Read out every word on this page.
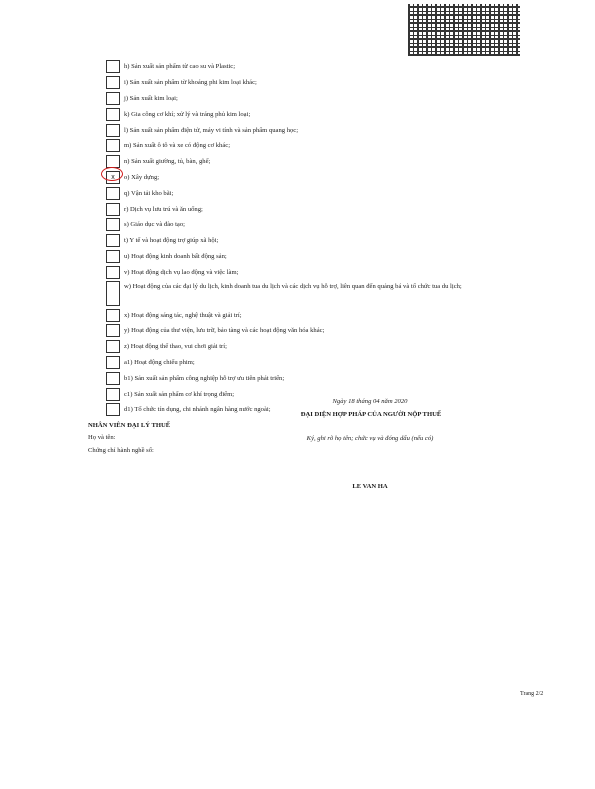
h) Sản xuất sản phẩm từ cao su và Plastic;
i) Sản xuất sản phẩm từ khoáng phi kim loại khác;
j) Sản xuất kim loại;
k) Gia công cơ khí; xử lý và tráng phủ kim loại;
l) Sản xuất sản phẩm điện tử, máy vi tính và sản phẩm quang học;
m) Sản xuất ô tô và xe có động cơ khác;
n) Sản xuất giường, tủ, bàn, ghế;
x	o) Xây dựng;
q) Vận tải kho bãi;
r) Dịch vụ lưu trú và ăn uống;
s) Giáo dục và đào tạo;
t) Y tế và hoạt động trợ giúp xã hội;
u) Hoạt động kinh doanh bất động sản;
v) Hoạt động dịch vụ lao động và việc làm;
w) Hoạt động của các đại lý du lịch, kinh doanh tua du lịch và các dịch vụ hỗ trợ, liên quan đến quảng bá và tổ chức tua du lịch;
x) Hoạt động sáng tác, nghệ thuật và giải trí;
y) Hoạt động của thư viện, lưu trữ, bảo tàng và các hoạt động văn hóa khác;
z) Hoạt động thể thao, vui chơi giải trí;
a1) Hoạt động chiếu phim;
b1) Sản xuất sản phẩm công nghiệp hỗ trợ ưu tiên phát triển;
c1) Sản xuất sản phẩm cơ khí trọng điểm;
d1) Tổ chức tín dụng, chi nhánh ngân hàng nước ngoài;
Ngày 18 tháng 04 năm 2020
NHÂN VIÊN ĐẠI LÝ THUẾ
Họ và tên:
Chứng chỉ hành nghề số:
ĐẠI DIỆN HỢP PHÁP CỦA NGƯỜI NỘP THUẾ
Ký, ghi rõ họ tên; chức vụ và đóng dấu (nếu có)
LE VAN HA
Trang 2/2
